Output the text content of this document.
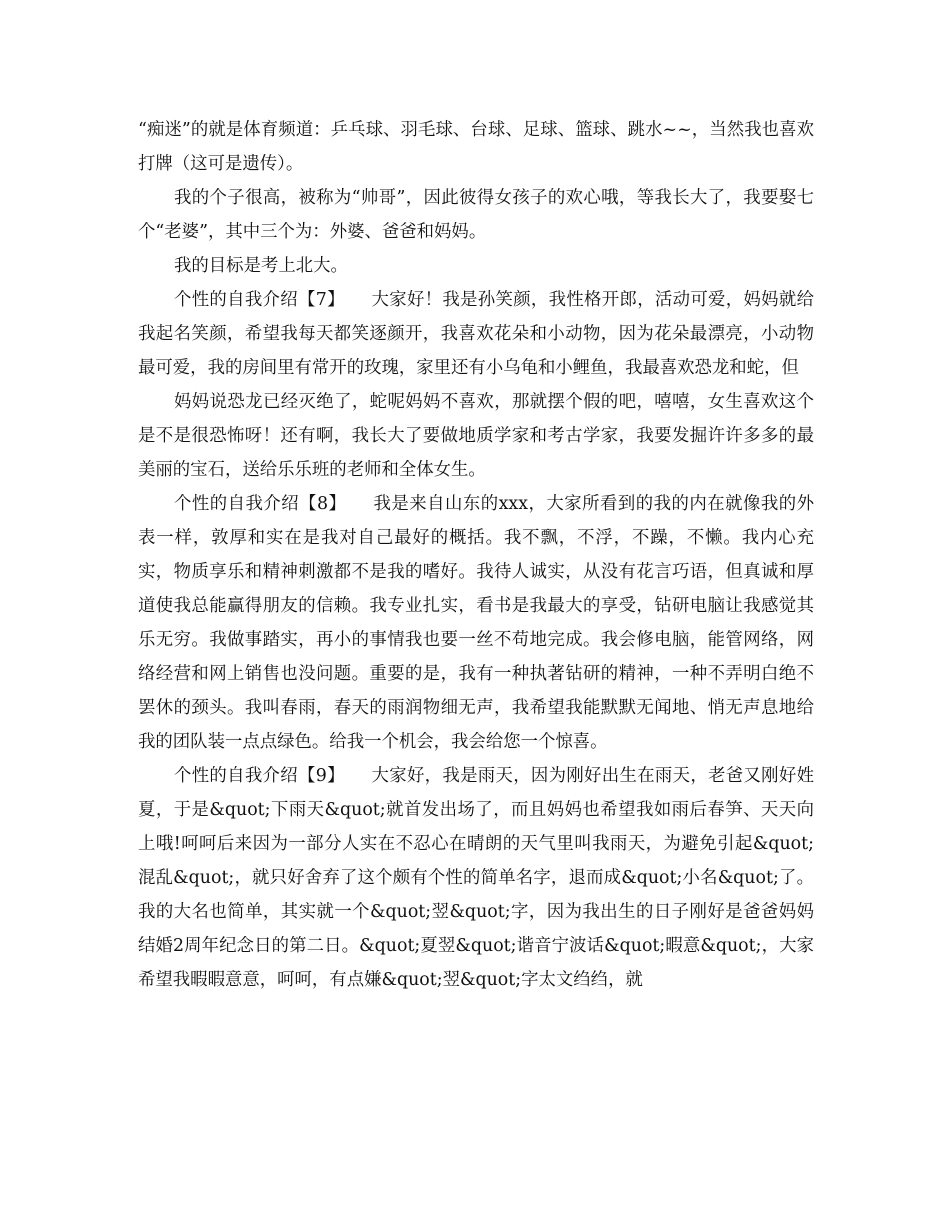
“痴迷”的就是体育频道：乒乓球、羽毛球、台球、足球、篮球、跳水~~，当然我也喜欢打牌（这可是遗传）。

我的个子很高，被称为“帅哥”，因此彼得女孩子的欢心哦，等我长大了，我要娶七个“老婆”，其中三个为：外婆、爸爸和妈妈。

我的目标是考上北大。

个性的自我介绍【7】　　大家好！我是孙笑颜，我性格开郎，活动可爱，妈妈就给我起名笑颜，希望我每天都笑逐颜开，我喜欢花朵和小动物，因为花朵最漂亮，小动物最可爱，我的房间里有常开的玫瑰，家里还有小乌龟和小鲤鱼，我最喜欢恐龙和蛇，但

妈妈说恐龙已经灭绝了，蛇呢妈妈不喜欢，那就摆个假的吧，嘻嘻，女生喜欢这个是不是很恐怖呀！还有啊，我长大了要做地质学家和考古学家，我要发掘许许多多的最美丽的宝石，送给乐乐班的老师和全体女生。

个性的自我介绍【8】　　我是来自山东的xxx，大家所看到的我的内在就像我的外表一样，敦厚和实在是我对自己最好的概括。我不飘，不浮，不躁，不懒。我内心充实，物质享乐和精神刺激都不是我的嗜好。我待人诚实，从没有花言巧语，但真诚和厚道使我总能赢得朋友的信赖。我专业扎实，看书是我最大的享受，钻研电脑让我感觉其乐无穷。我做事踏实，再小的事情我也要一丝不苟地完成。我会修电脑，能管网络，网络经营和网上销售也没问题。重要的是，我有一种执著钻研的精神，一种不弄明白绝不罢休的颈头。我叫春雨，春天的雨润物细无声，我希望我能默默无闻地、悄无声息地给我的团队装一点点绿色。给我一个机会，我会给您一个惊喜。

个性的自我介绍【9】　　大家好，我是雨天，因为刚好出生在雨天，老爸又刚好姓夏，于是&quot;下雨天&quot;就首发出场了，而且妈妈也希望我如雨后春笋、天天向上哦!呵呵后来因为一部分人实在不忍心在晴朗的天气里叫我雨天，为避免引起&quot;混乱&quot;，就只好舍弃了这个颇有个性的简单名字，退而成&quot;小名&quot;了。我的大名也简单，其实就一个&quot;翌&quot;字，因为我出生的日子刚好是爸爸妈妈结婚2周年纪念日的第二日。&quot;夏翌&quot;谐音宁波话&quot;暇意&quot;，大家希望我暇暇意意，呵呵，有点嫌&quot;翌&quot;字太文绉绉，就
